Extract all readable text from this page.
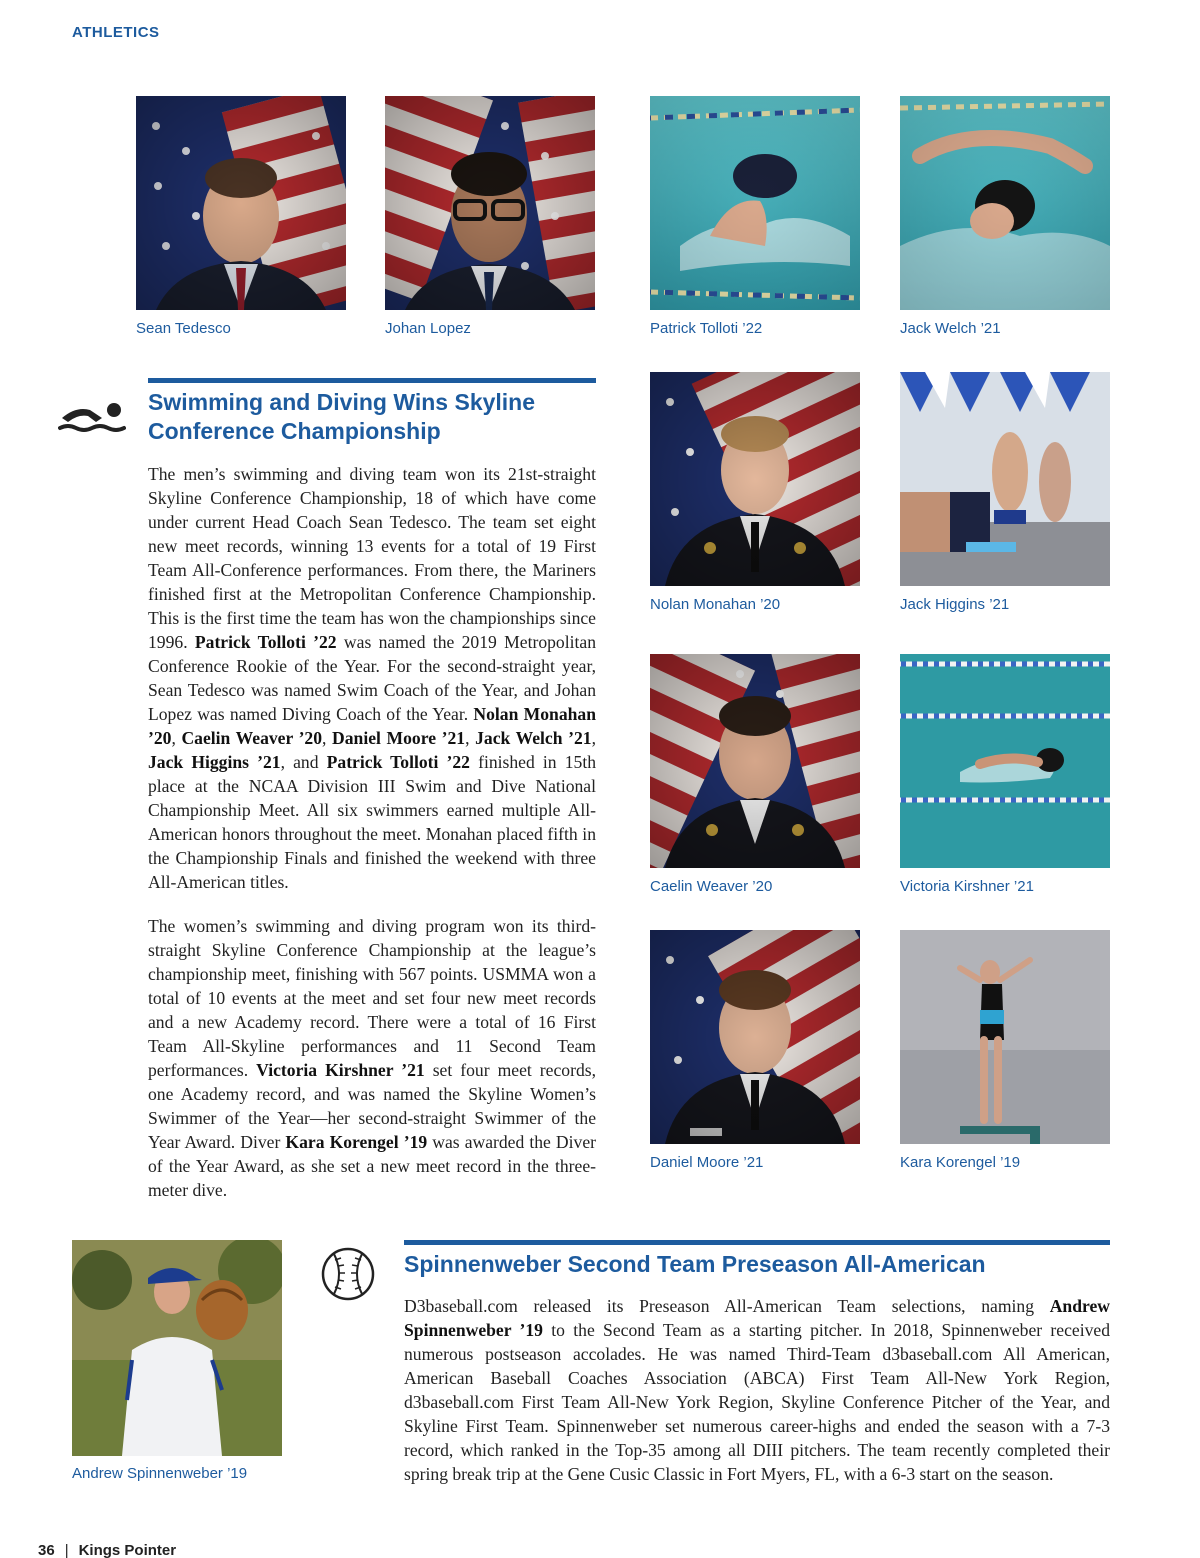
ATHLETICS
Sean Tedesco	Johan Lopez	Patrick Tolloti ’22	Jack Welch ’21
Swimming and Diving Wins Skyline
Conference Championship
The men’s swimming and diving team won its 21st-straight Skyline Conference Championship, 18 of which have come under current Head Coach Sean Tedesco. The team set eight new meet records, winning 13 events for a total of 19 First Team All-Conference performances. From there, the Mariners finished first at the Metropolitan Conference Championship. This is the first time the team has won the championships since 1996. Patrick Tolloti ’22 was named the 2019 Metropolitan Conference Rookie of the Year. For the second-straight year, Sean Tedesco was named Swim Coach of the Year, and Johan Lopez was named Diving Coach of the Year. Nolan Monahan ’20, Caelin Weaver ’20, Daniel Moore ’21, Jack Welch ’21, Jack Higgins ’21, and Patrick Tolloti ’22 finished in 15th place at the NCAA Division III Swim and Dive National Championship Meet. All six swimmers earned multiple All-American honors throughout the meet. Monahan placed fifth in the Championship Finals and finished the weekend with three All-American titles.
The women’s swimming and diving program won its third-straight Skyline Conference Championship at the league’s championship meet, finishing with 567 points. USMMA won a total of 10 events at the meet and set four new meet records and a new Academy record. There were a total of 16 First Team All-Skyline performances and 11 Second Team performances. Victoria Kirshner ’21 set four meet records, one Academy record, and was named the Skyline Women’s Swimmer of the Year—her second-straight Swimmer of the Year Award. Diver Kara Korengel ’19 was awarded the Diver of the Year Award, as she set a new meet record in the three-meter dive.
Nolan Monahan ’20	Jack Higgins ’21
Caelin Weaver ’20	Victoria Kirshner ’21
Daniel Moore ’21	Kara Korengel ’19
Andrew Spinnenweber ’19
Spinnenweber Second Team Preseason All-American
D3baseball.com released its Preseason All-American Team selections, naming Andrew Spinnenweber ’19 to the Second Team as a starting pitcher. In 2018, Spinnenweber received numerous postseason accolades. He was named Third-Team d3baseball.com All American, American Baseball Coaches Association (ABCA) First Team All-New York Region, d3baseball.com First Team All-New York Region, Skyline Conference Pitcher of the Year, and Skyline First Team. Spinnenweber set numerous career-highs and ended the season with a 7-3 record, which ranked in the Top-35 among all DIII pitchers. The team recently completed their spring break trip at the Gene Cusic Classic in Fort Myers, FL, with a 6-3 start on the season.
36 | Kings Pointer
